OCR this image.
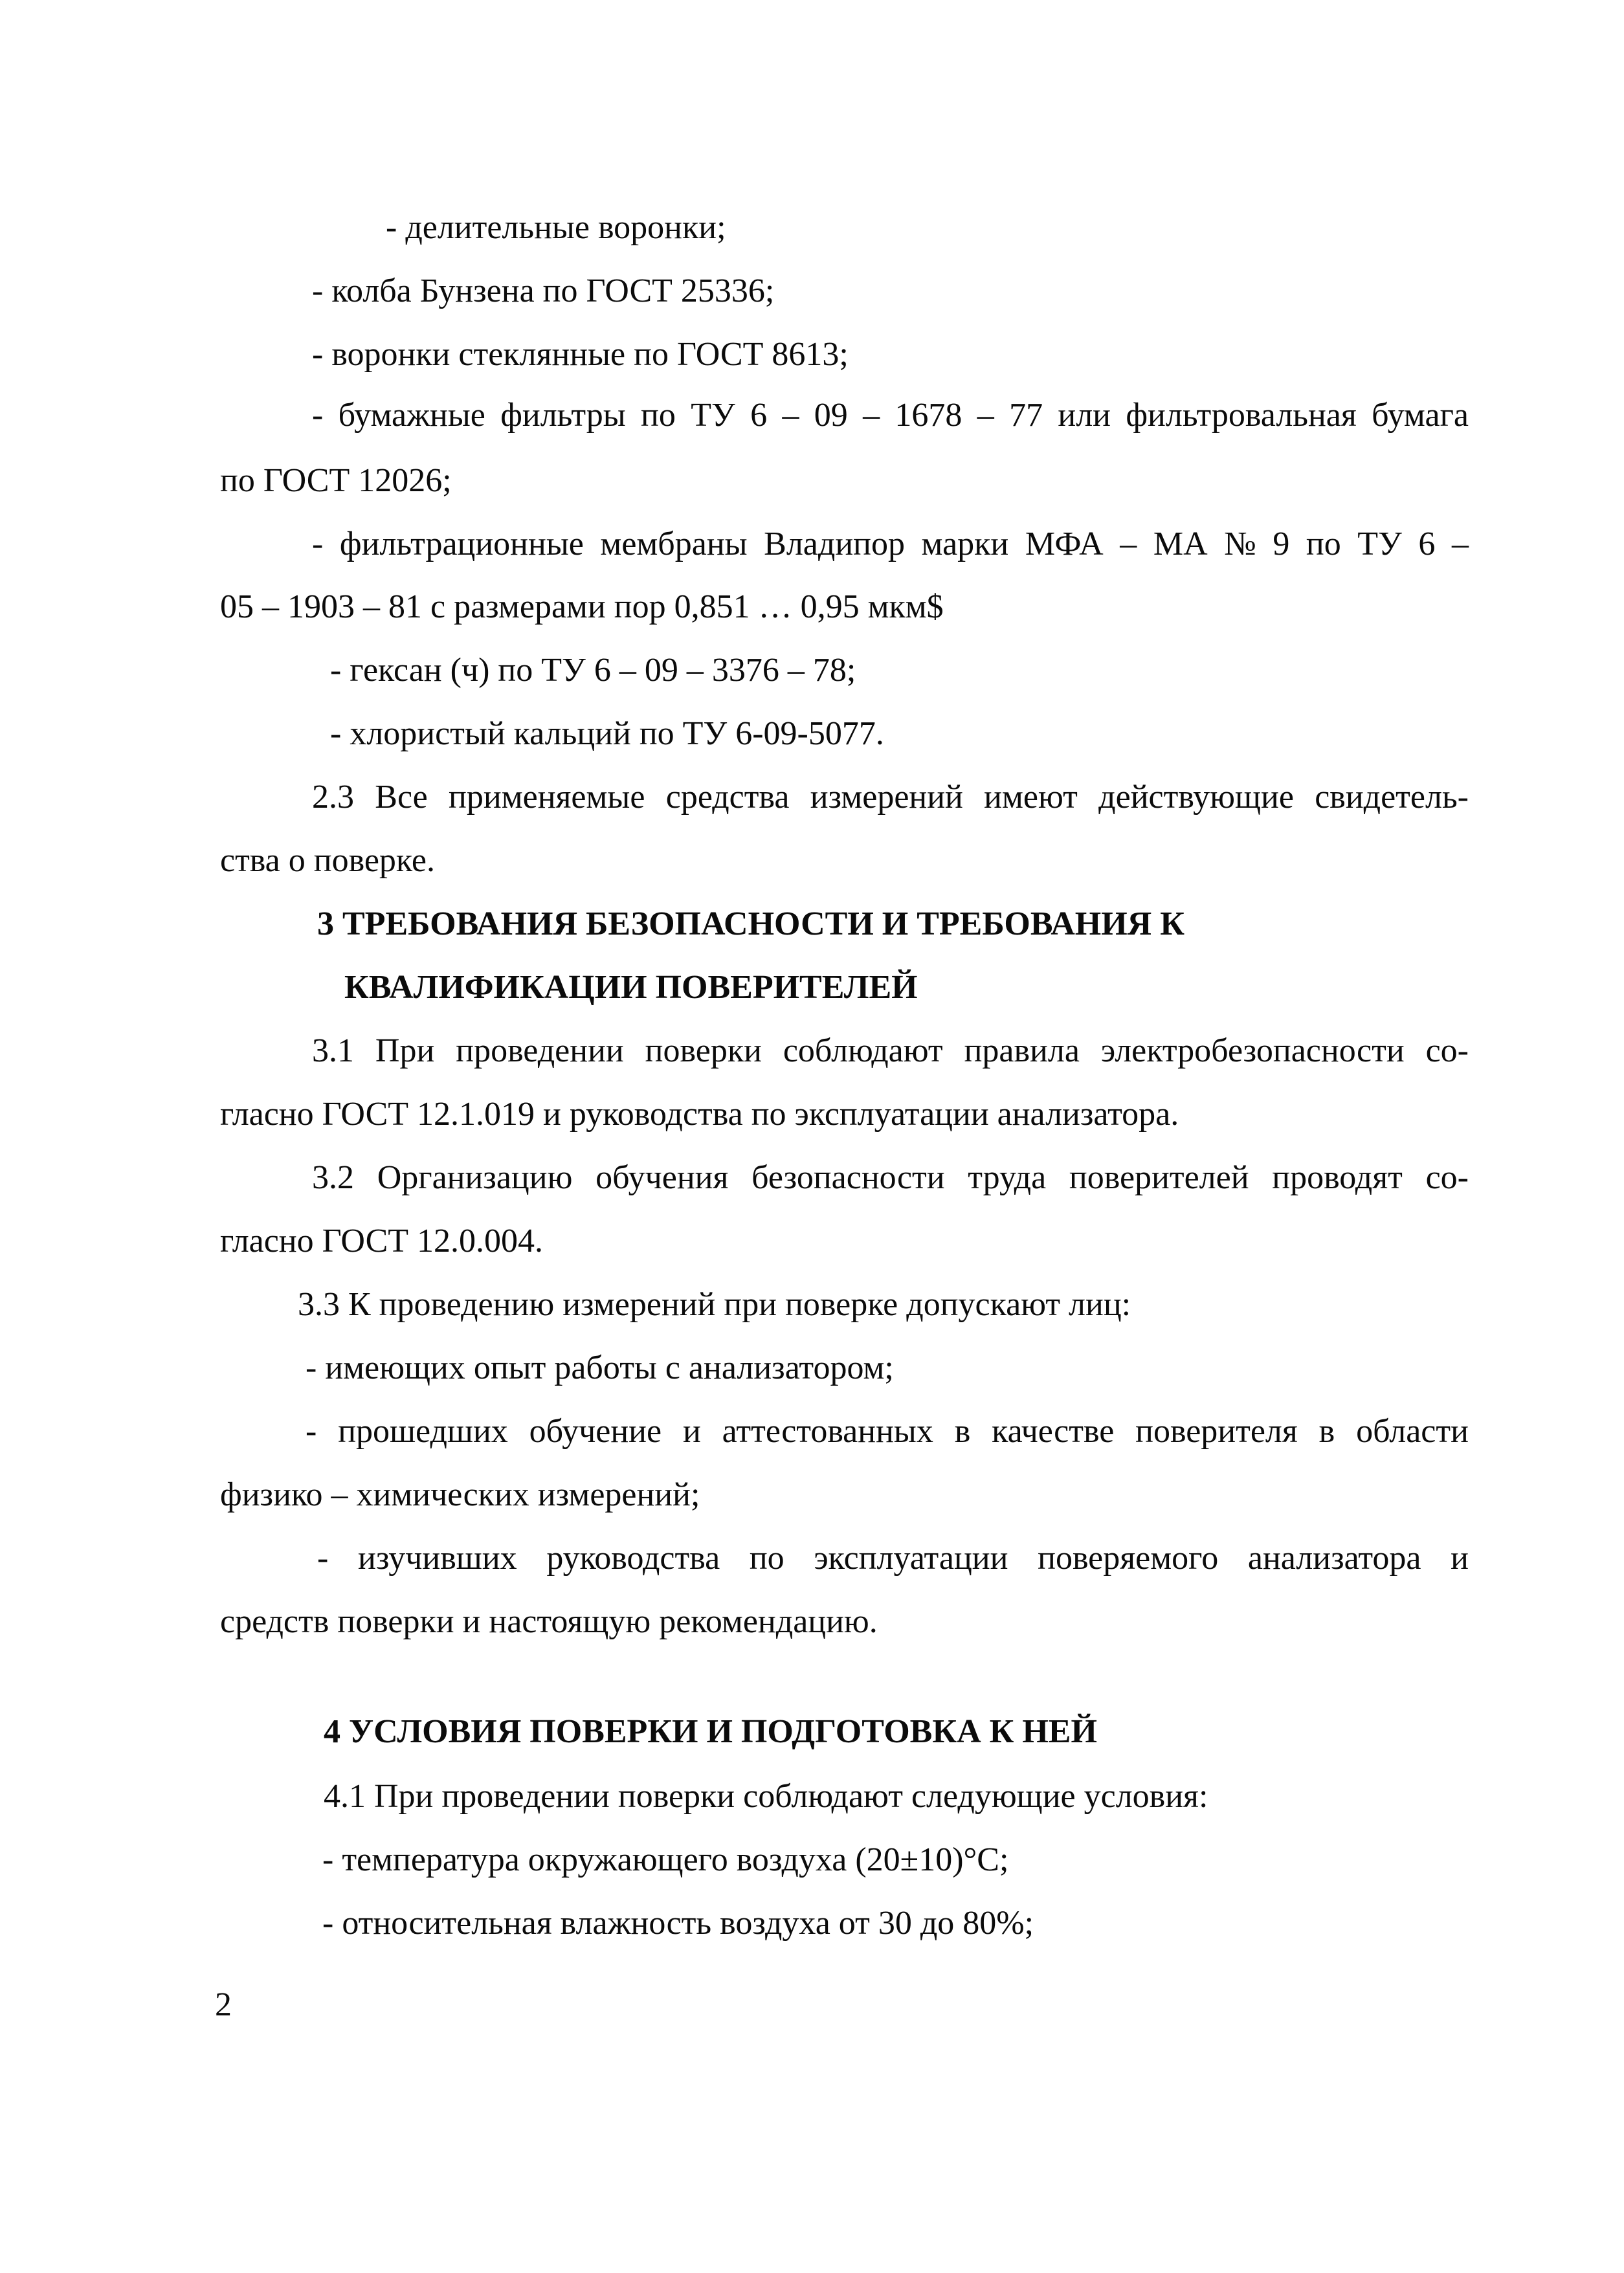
- делительные воронки;
- колба Бунзена по ГОСТ 25336;
- воронки стеклянные по ГОСТ 8613;
- бумажные фильтры по ТУ 6 – 09 – 1678 – 77 или фильтровальная бумага
по ГОСТ 12026;
- фильтрационные мембраны Владипор марки МФА – МА № 9 по ТУ 6 –
05 – 1903 – 81 с размерами пор 0,851 … 0,95 мкм$
- гексан (ч) по ТУ 6 – 09 – 3376 – 78;
- хлористый кальций по ТУ 6-09-5077.
2.3 Все применяемые средства измерений имеют действующие свидетель-
ства о поверке.
3 ТРЕБОВАНИЯ БЕЗОПАСНОСТИ И ТРЕБОВАНИЯ К
КВАЛИФИКАЦИИ ПОВЕРИТЕЛЕЙ
3.1 При проведении поверки соблюдают правила электробезопасности со-
гласно ГОСТ 12.1.019 и руководства по эксплуатации анализатора.
3.2 Организацию обучения безопасности труда поверителей проводят со-
гласно ГОСТ 12.0.004.
3.3 К проведению измерений при поверке допускают лиц:
- имеющих опыт работы с анализатором;
- прошедших обучение и аттестованных в качестве поверителя в области
физико – химических измерений;
- изучивших руководства по эксплуатации поверяемого анализатора и
средств поверки и настоящую рекомендацию.
4 УСЛОВИЯ ПОВЕРКИ И ПОДГОТОВКА К НЕЙ
4.1 При проведении поверки соблюдают следующие условия:
- температура окружающего воздуха (20±10)°С;
- относительная влажность воздуха от 30 до 80%;
2
